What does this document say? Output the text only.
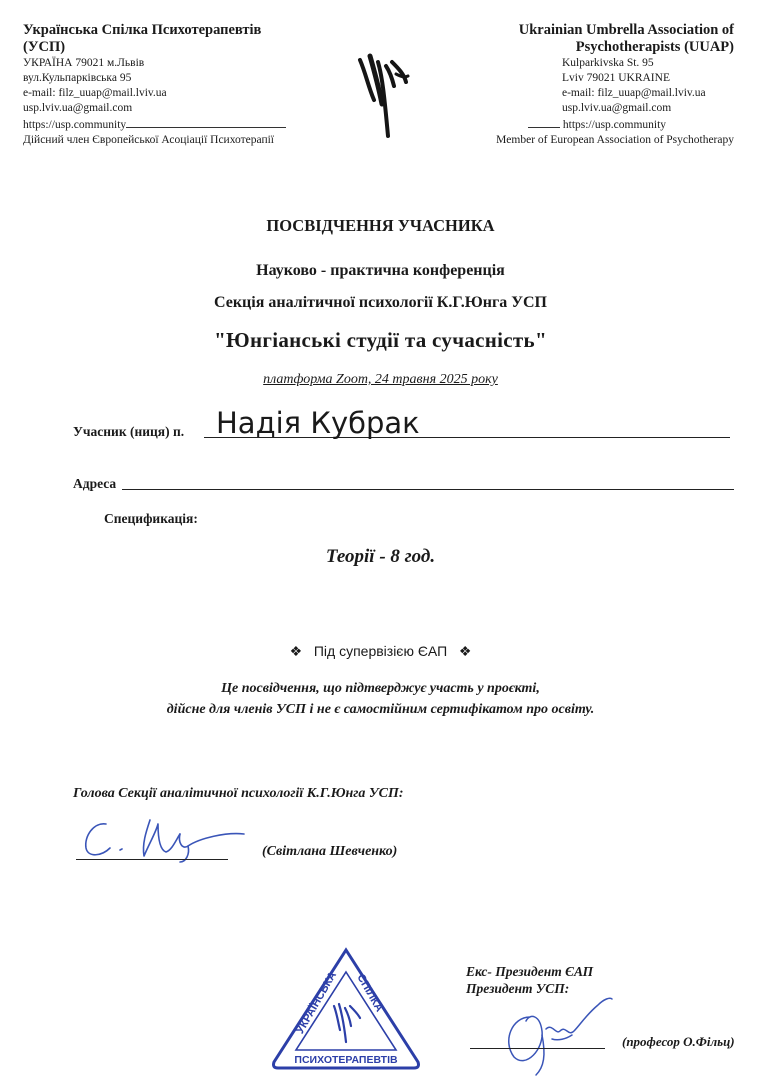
Українська Спілка Психотерапевтів
(УСП)
УКРАЇНА 79021 м.Львів
вул.Кульпарківська 95
e-mail: filz_uuap@mail.lviv.ua
usp.lviv.ua@gmail.com
https://usp.community
Дійсний член Європейської Асоціації Психотерапії
Ukrainian Umbrella Association of
Psychotherapists (UUAP)
Kulparkivska St. 95
Lviv 79021 UKRAINE
e-mail: filz_uuap@mail.lviv.ua
usp.lviv.ua@gmail.com
https://usp.community
Member of European Association of Psychotherapy
ПОСВІДЧЕННЯ УЧАСНИКА
Науково - практична конференція
Секція аналітичної психології К.Г.Юнга УСП
"Юнгіанські студії та сучасність"
платформа Zoom, 24 травня 2025 року
Учасник (ниця) п. Надія Кубрак
Адреса
Спецификація:
Теорії - 8 год.
❖ Під супервізією ЄАП ❖
Це посвідчення, що підтверджує участь у проєкті,
дійсне для членів УСП і не є самостійним сертифікатом про освіту.
Голова Секції аналітичної психології К.Г.Юнга УСП:
(Світлана Шевченко)
УКРАЇНСЬКА СПІЛКА
ПСИХОТЕРАПЕВТІВ
Екс- Президент ЄАП
Президент УСП:
(професор О.Фільц)
